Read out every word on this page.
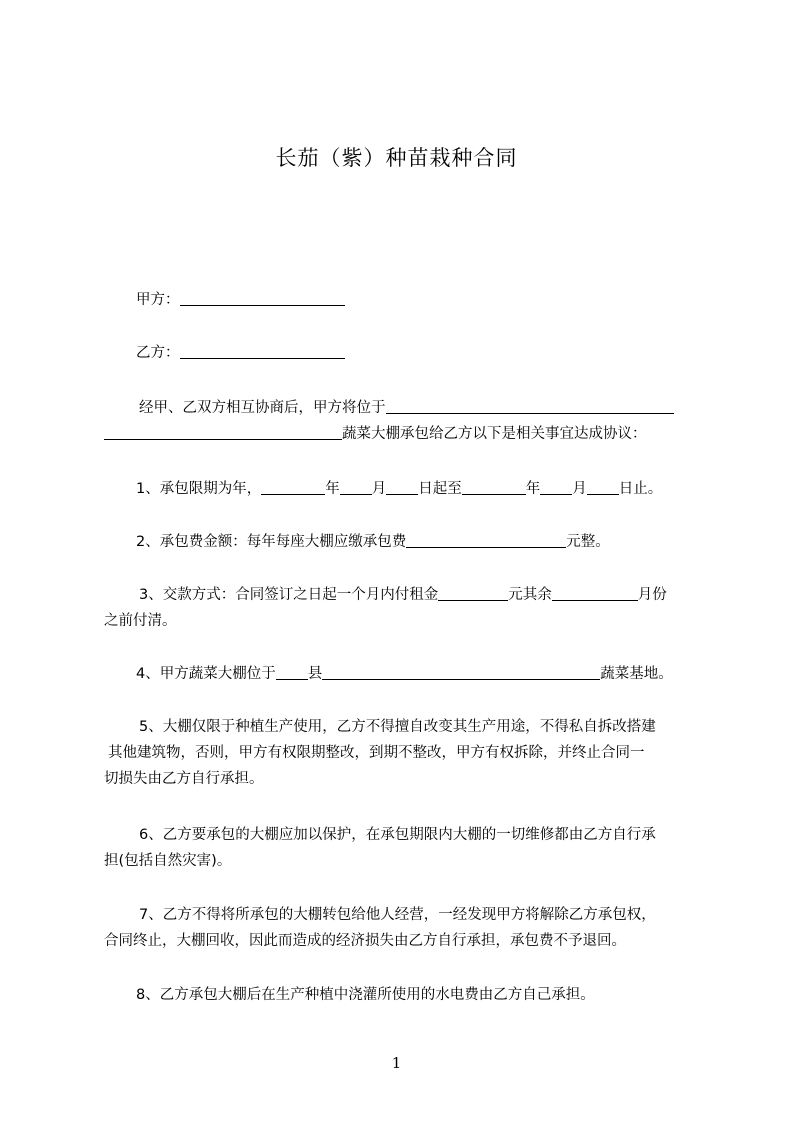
长茄（紫）种苗栽种合同
甲方：
乙方：
经甲、乙双方相互协商后，甲方将位于
蔬菜大棚承包给乙方以下是相关事宜达成协议：
1、承包限期为年，	年 月 日起至	年 月 日止。
2、承包费金额：每年每座大棚应缴承包费	元整。
3、交款方式：合同签订之日起一个月内付租金	元其余	月份
之前付清。
4、甲方蔬菜大棚位于 县	蔬菜基地。
5、大棚仅限于种植生产使用，乙方不得擅自改变其生产用途，不得私自拆改搭建
其他建筑物，否则，甲方有权限期整改，到期不整改，甲方有权拆除，并终止合同一
切损失由乙方自行承担。
6、乙方要承包的大棚应加以保护，在承包期限内大棚的一切维修都由乙方自行承
担(包括自然灾害)。
7、乙方不得将所承包的大棚转包给他人经营，一经发现甲方将解除乙方承包权，
合同终止，大棚回收，因此而造成的经济损失由乙方自行承担，承包费不予退回。
8、乙方承包大棚后在生产种植中浇灌所使用的水电费由乙方自己承担。
1
